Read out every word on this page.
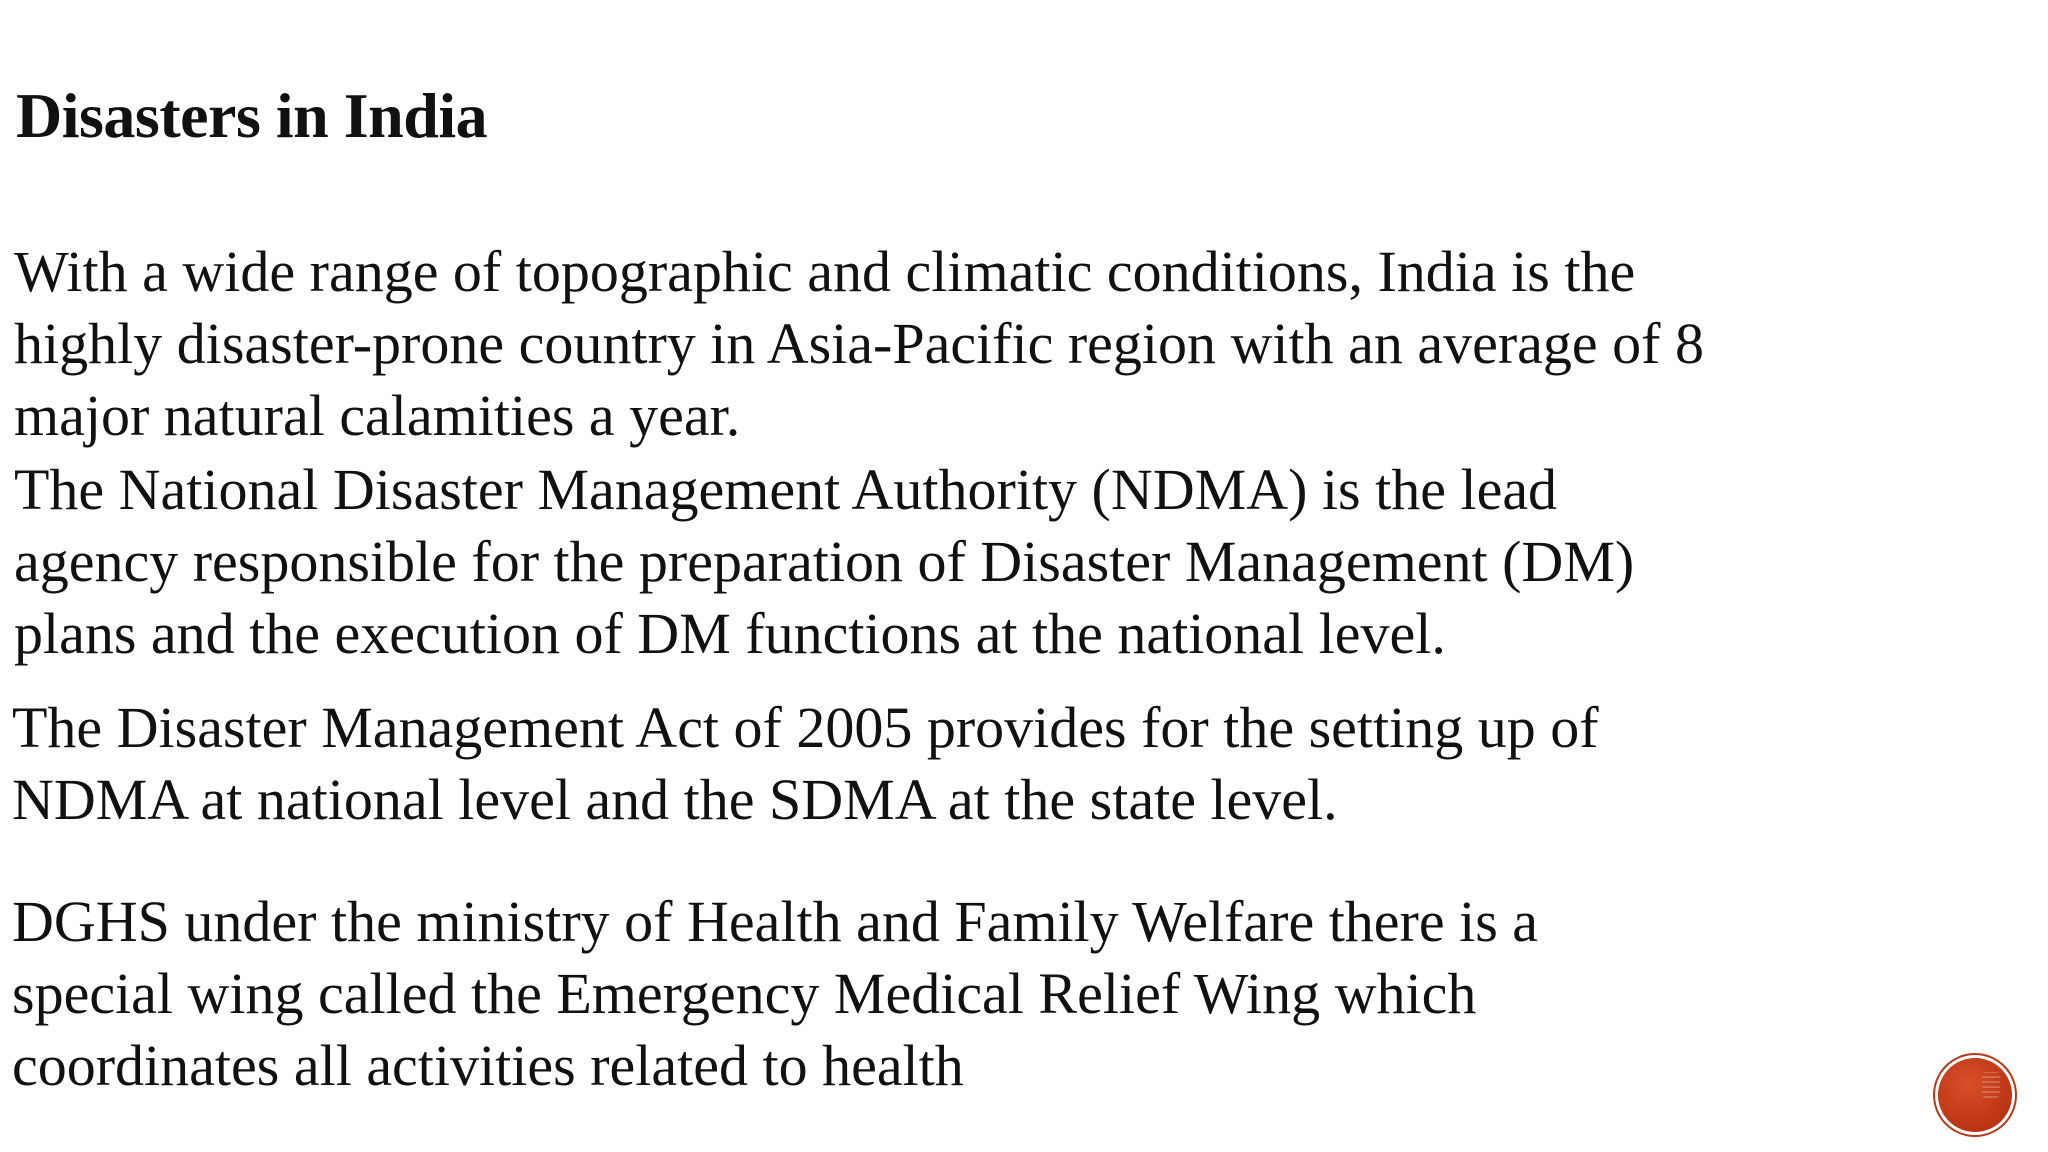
Disasters in India

With a wide range of topographic and climatic conditions, India is the
highly disaster-prone country in Asia-Pacific region with an average of 8
major natural calamities a year.

The National Disaster Management Authority (NDMA) is the lead
agency responsible for the preparation of Disaster Management (DM)
plans and the execution of DM functions at the national level.

The Disaster Management Act of 2005 provides for the setting up of
NDMA at national level and the SDMA at the state level.

DGHS under the ministry of Health and Family Welfare there is a
special wing called the Emergency Medical Relief Wing which
coordinates all activities related to health
